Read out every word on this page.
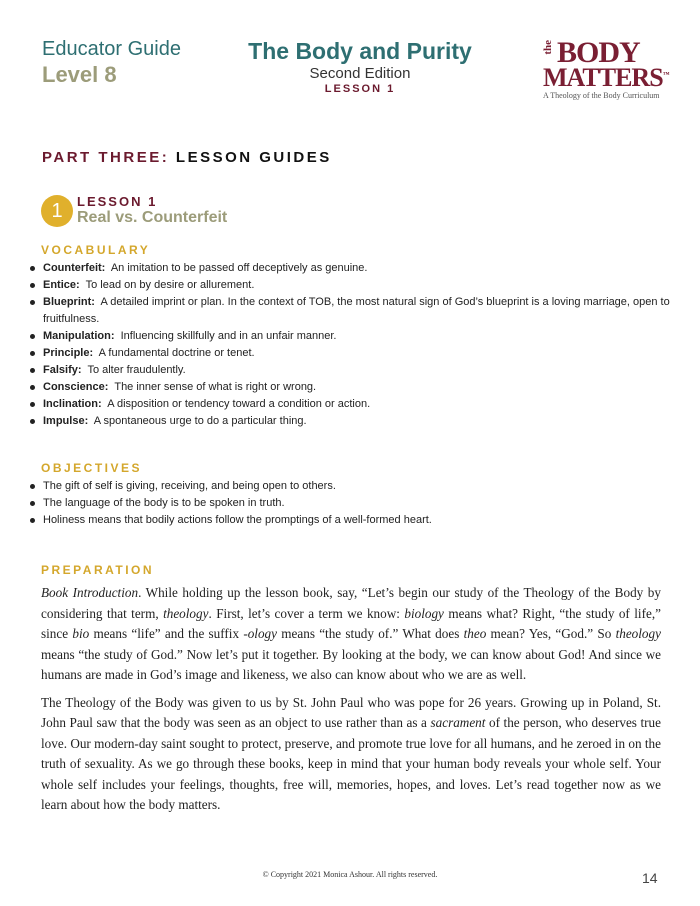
Educator Guide
Level 8
The Body and Purity
Second Edition
LESSON 1
the BODY
MATTERS™
A Theology of the Body Curriculum
PART THREE: LESSON GUIDES
1	LESSON 1
Real vs. Counterfeit
VOCABULARY
Counterfeit: An imitation to be passed off deceptively as genuine.
Entice: To lead on by desire or allurement.
Blueprint: A detailed imprint or plan. In the context of TOB, the most natural sign of God’s blueprint is a loving marriage, open to fruitfulness.
Manipulation: Influencing skillfully and in an unfair manner.
Principle: A fundamental doctrine or tenet.
Falsify: To alter fraudulently.
Conscience: The inner sense of what is right or wrong.
Inclination: A disposition or tendency toward a condition or action.
Impulse: A spontaneous urge to do a particular thing.
OBJECTIVES
The gift of self is giving, receiving, and being open to others.
The language of the body is to be spoken in truth.
Holiness means that bodily actions follow the promptings of a well-formed heart.
PREPARATION

Book Introduction. While holding up the lesson book, say, “Let’s begin our study of the Theology of the Body by considering that term, theology. First, let’s cover a term we know: biology means what? Right, “the study of life,” since bio means “life” and the suffix -ology means “the study of.” What does theo mean? Yes, “God.” So theology means “the study of God.” Now let’s put it together. By looking at the body, we can know about God! And since we humans are made in God’s image and likeness, we also can know about who we are as well.

The Theology of the Body was given to us by St. John Paul who was pope for 26 years. Growing up in Poland, St. John Paul saw that the body was seen as an object to use rather than as a sacrament of the person, who deserves true love. Our modern-day saint sought to protect, preserve, and promote true love for all humans, and he zeroed in on the truth of sexuality. As we go through these books, keep in mind that your human body reveals your whole self. Your whole self includes your feelings, thoughts, free will, memories, hopes, and loves. Let’s read together now as we learn about how the body matters.

© Copyright 2021 Monica Ashour. All rights reserved.	14
